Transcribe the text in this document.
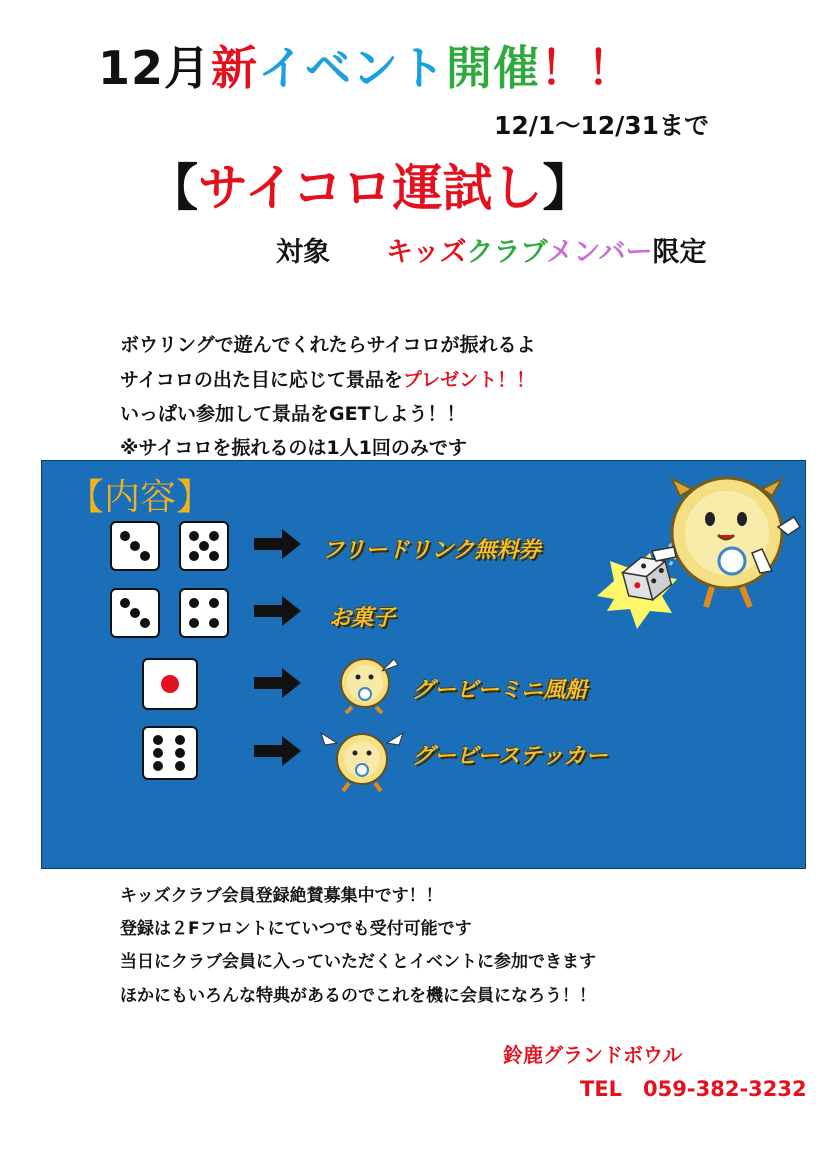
12月新イベント開催！！
12/1～12/31まで
【サイコロ運試し】
対象 キッズクラブメンバー限定
ボウリングで遊んでくれたらサイコロが振れるよ
サイコロの出た目に応じて景品をプレゼント！！
いっぱい参加して景品をGETしよう！！
※サイコロを振れるのは1人1回のみです
【内容】
フリードリンク無料券
お菓子
グービーミニ風船
グービーステッカー
キッズクラブ会員登録絶賛募集中です！！
登録は２Fフロントにていつでも受付可能です
当日にクラブ会員に入っていただくとイベントに参加できます
ほかにもいろんな特典があるのでこれを機に会員になろう！！
鈴鹿グランドボウル
TEL　059-382-3232
